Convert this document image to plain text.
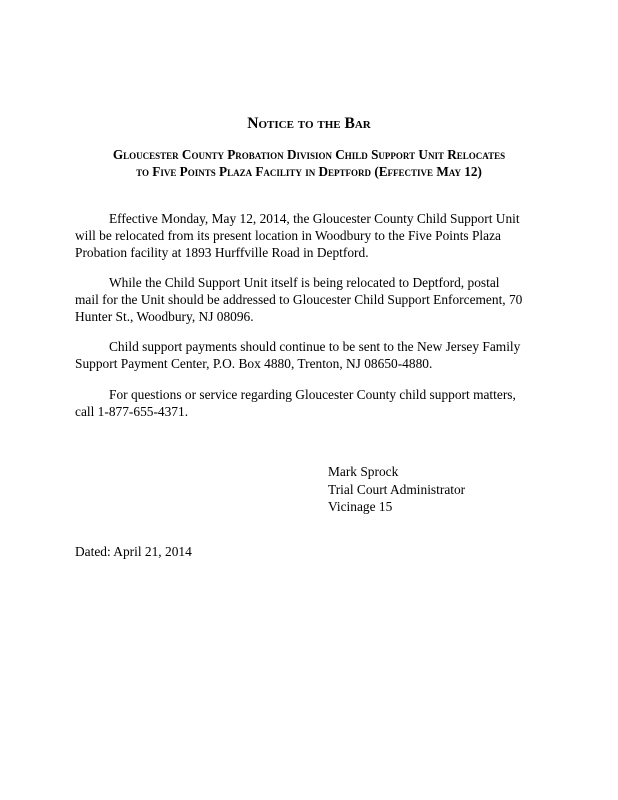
Notice to the Bar
Gloucester County Probation Division Child Support Unit Relocates
to Five Points Plaza Facility in Deptford (Effective May 12)
Effective Monday, May 12, 2014, the Gloucester County Child Support Unit
will be relocated from its present location in Woodbury to the Five Points Plaza
Probation facility at 1893 Hurffville Road in Deptford.
While the Child Support Unit itself is being relocated to Deptford, postal
mail for the Unit should be addressed to Gloucester Child Support Enforcement, 70
Hunter St., Woodbury, NJ 08096.
Child support payments should continue to be sent to the New Jersey Family
Support Payment Center, P.O. Box 4880, Trenton, NJ 08650-4880.
For questions or service regarding Gloucester County child support matters,
call 1-877-655-4371.
Mark Sprock
Trial Court Administrator
Vicinage 15
Dated: April 21, 2014
